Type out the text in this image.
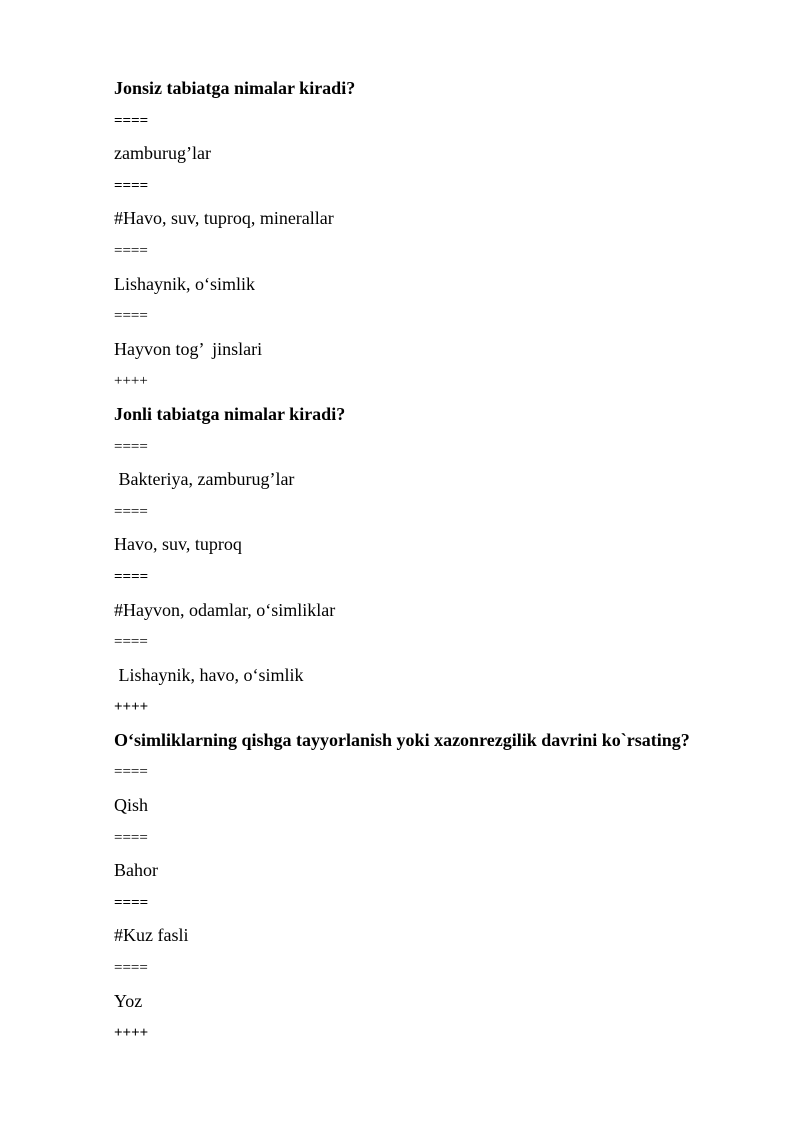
Jonsiz tabiatga nimalar kiradi?
====
zamburug’lar
====
#Havo, suv, tuproq, minerallar
====
Lishaynik, o‘simlik
====
Hayvon tog’  jinslari
++++
Jonli tabiatga nimalar kiradi?
====
Bakteriya, zamburug’lar
====
Havo, suv, tuproq
====
#Hayvon, odamlar, o‘simliklar
====
Lishaynik, havo, o‘simlik
++++
O‘simliklarning qishga tayyorlanish yoki xazonrezgilik davrini ko`rsating?
====
Qish
====
Bahor
====
#Kuz fasli
====
Yoz
++++
